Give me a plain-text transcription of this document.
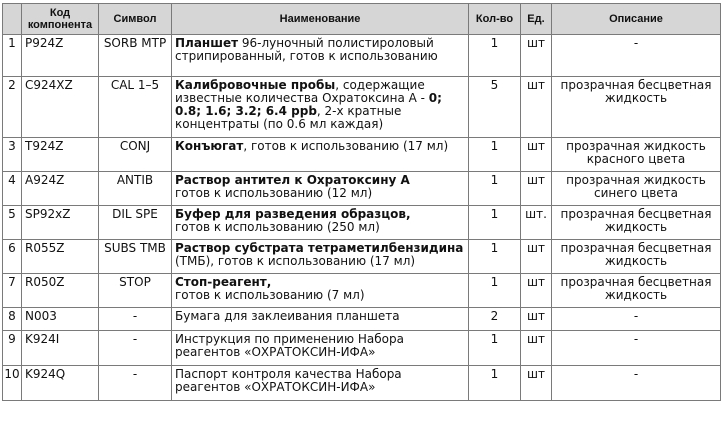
	Код компонента	Символ	Наименование	Кол-во	Ед.	Описание
1	P924Z	SORB MTP	Планшет 96-луночный полистироловый стрипированный, готов к использованию	1	шт	-
2	C924XZ	CAL 1–5	Калибровочные пробы, содержащие известные количества Охратоксина А - 0; 0.8; 1.6; 3.2; 6.4 ppb, 2-х кратные концентраты (по 0.6 мл каждая)	5	шт	прозрачная бесцветная жидкость
3	T924Z	CONJ	Конъюгат, готов к использованию (17 мл)	1	шт	прозрачная жидкость красного цвета
4	A924Z	ANTIB	Раствор антител к Охратоксину А
готов к использованию (12 мл)	1	шт	прозрачная жидкость синего цвета
5	SP92xZ	DIL SPE	Буфер для разведения образцов,
готов к использованию (250 мл)	1	шт.	прозрачная бесцветная жидкость
6	R055Z	SUBS TMB	Раствор субстрата тетраметилбензидина (ТМБ), готов к использованию (17 мл)	1	шт	прозрачная бесцветная жидкость
7	R050Z	STOP	Стоп-реагент,
готов к использованию (7 мл)	1	шт	прозрачная бесцветная жидкость
8	N003	-	Бумага для заклеивания планшета	2	шт	-
9	K924I	-	Инструкция по применению Набора реагентов «ОХРАТОКСИН-ИФА»	1	шт	-
10	K924Q	-	Паспорт контроля качества Набора реагентов «ОХРАТОКСИН-ИФА»	1	шт	-
